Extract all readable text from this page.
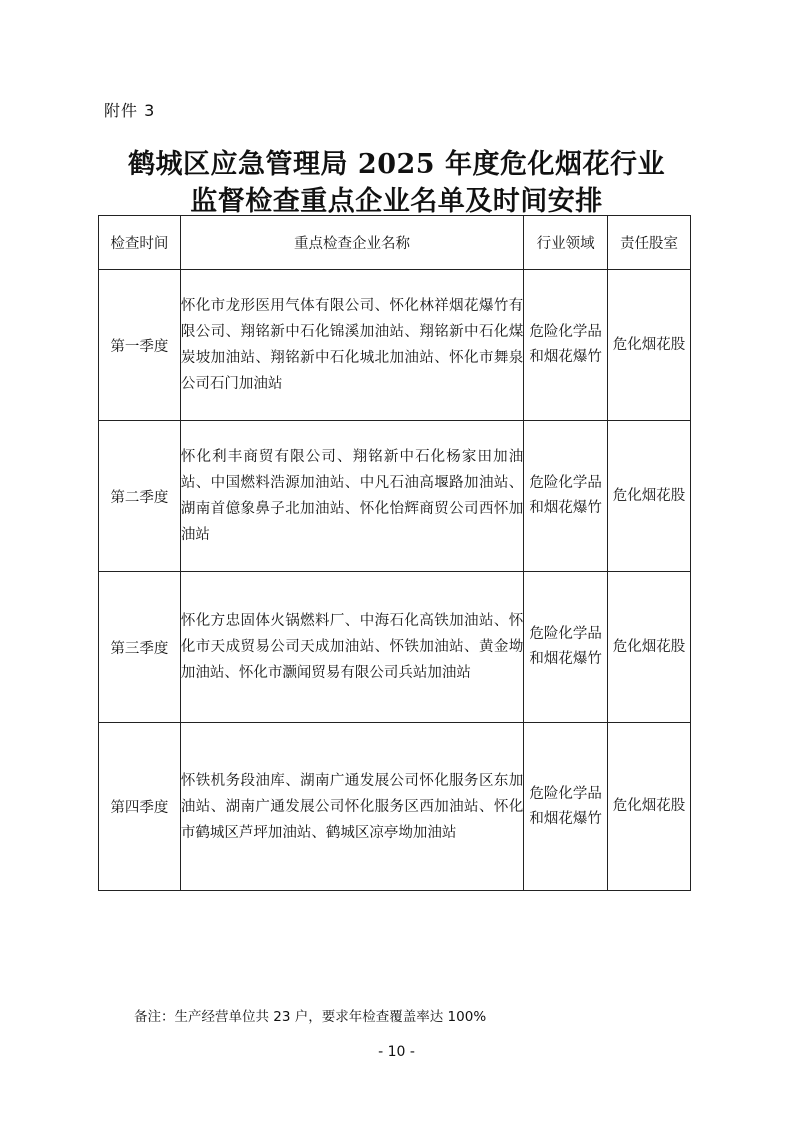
附件 3
鹤城区应急管理局 2025 年度危化烟花行业
监督检查重点企业名单及时间安排
检查时间	重点检查企业名称	行业领域	责任股室
第一季度	怀化市龙形医用气体有限公司、怀化林祥烟花爆竹有限公司、翔铭新中石化锦溪加油站、翔铭新中石化煤炭坡加油站、翔铭新中石化城北加油站、怀化市舞泉公司石门加油站	危险化学品和烟花爆竹	危化烟花股
第二季度	怀化利丰商贸有限公司、翔铭新中石化杨家田加油站、中国燃料浩源加油站、中凡石油高堰路加油站、湖南首億象鼻子北加油站、怀化怡辉商贸公司西怀加油站	危险化学品和烟花爆竹	危化烟花股
第三季度	怀化方忠固体火锅燃料厂、中海石化高铁加油站、怀化市天成贸易公司天成加油站、怀铁加油站、黄金坳加油站、怀化市灏闻贸易有限公司兵站加油站	危险化学品和烟花爆竹	危化烟花股
第四季度	怀铁机务段油库、湖南广通发展公司怀化服务区东加油站、湖南广通发展公司怀化服务区西加油站、怀化市鹤城区芦坪加油站、鹤城区凉亭坳加油站	危险化学品和烟花爆竹	危化烟花股
备注：生产经营单位共 23 户，要求年检查覆盖率达 100%
- 10 -
